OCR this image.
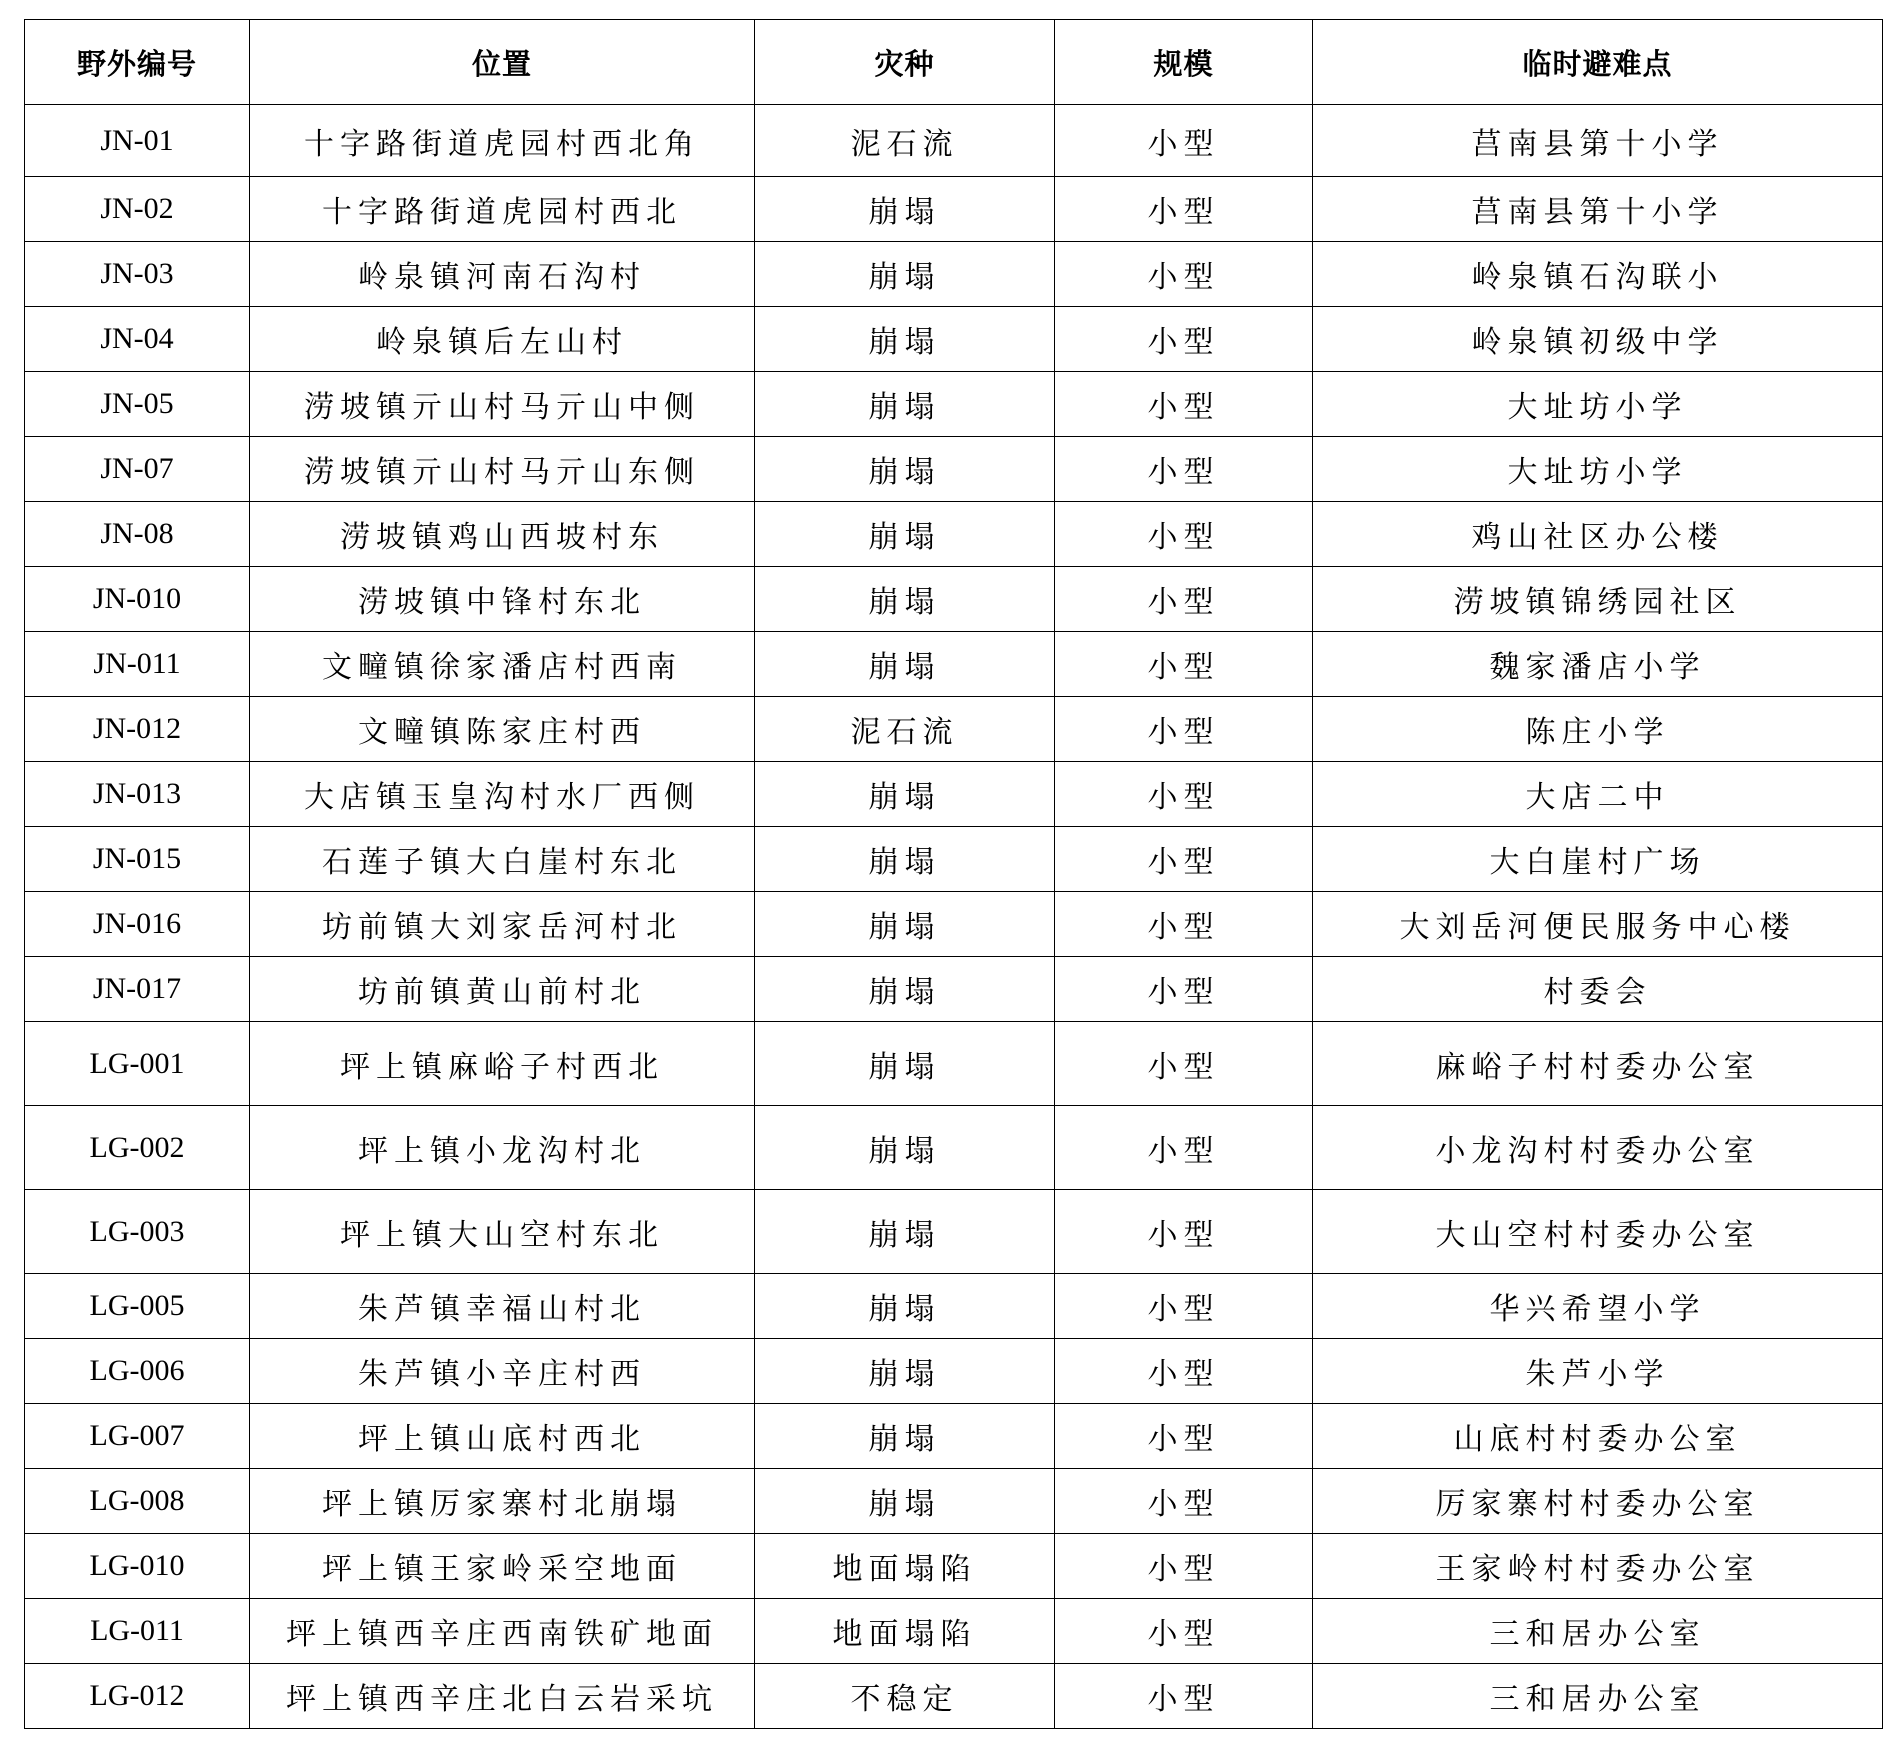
野外编号	位置	灾种	规模	临时避难点
JN-01	十字路街道虎园村西北角	泥石流	小型	莒南县第十小学
JN-02	十字路街道虎园村西北	崩塌	小型	莒南县第十小学
JN-03	岭泉镇河南石沟村	崩塌	小型	岭泉镇石沟联小
JN-04	岭泉镇后左山村	崩塌	小型	岭泉镇初级中学
JN-05	涝坡镇亓山村马亓山中侧	崩塌	小型	大址坊小学
JN-07	涝坡镇亓山村马亓山东侧	崩塌	小型	大址坊小学
JN-08	涝坡镇鸡山西坡村东	崩塌	小型	鸡山社区办公楼
JN-010	涝坡镇中锋村东北	崩塌	小型	涝坡镇锦绣园社区
JN-011	文疃镇徐家潘店村西南	崩塌	小型	魏家潘店小学
JN-012	文疃镇陈家庄村西	泥石流	小型	陈庄小学
JN-013	大店镇玉皇沟村水厂西侧	崩塌	小型	大店二中
JN-015	石莲子镇大白崖村东北	崩塌	小型	大白崖村广场
JN-016	坊前镇大刘家岳河村北	崩塌	小型	大刘岳河便民服务中心楼
JN-017	坊前镇黄山前村北	崩塌	小型	村委会
LG-001	坪上镇麻峪子村西北	崩塌	小型	麻峪子村村委办公室
LG-002	坪上镇小龙沟村北	崩塌	小型	小龙沟村村委办公室
LG-003	坪上镇大山空村东北	崩塌	小型	大山空村村委办公室
LG-005	朱芦镇幸福山村北	崩塌	小型	华兴希望小学
LG-006	朱芦镇小辛庄村西	崩塌	小型	朱芦小学
LG-007	坪上镇山底村西北	崩塌	小型	山底村村委办公室
LG-008	坪上镇厉家寨村北崩塌	崩塌	小型	厉家寨村村委办公室
LG-010	坪上镇王家岭采空地面	地面塌陷	小型	王家岭村村委办公室
LG-011	坪上镇西辛庄西南铁矿地面	地面塌陷	小型	三和居办公室
LG-012	坪上镇西辛庄北白云岩采坑	不稳定	小型	三和居办公室
